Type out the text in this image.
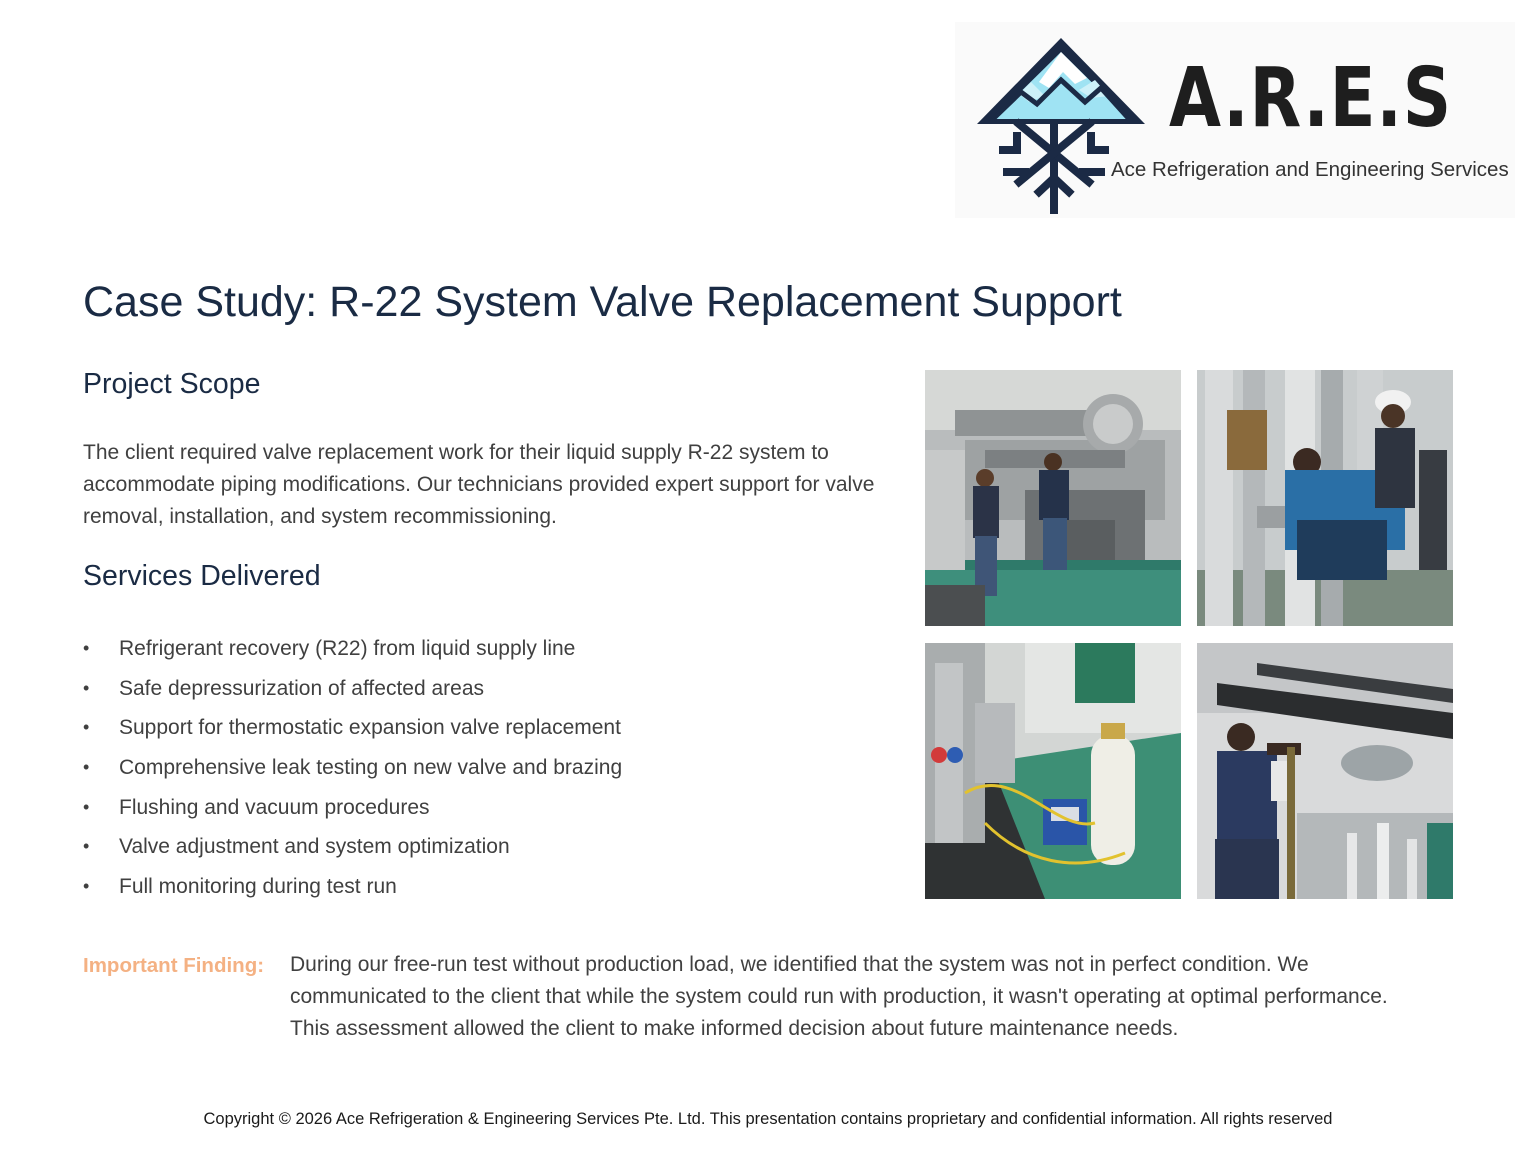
A.R.E.S
Ace Refrigeration and Engineering Services
Case Study: R-22 System Valve Replacement Support
Project Scope

The client required valve replacement work for their liquid supply R-22 system to accommodate piping modifications. Our technicians provided expert support for valve removal, installation, and system recommissioning.

Services Delivered
• Refrigerant recovery (R22) from liquid supply line
• Safe depressurization of affected areas
• Support for thermostatic expansion valve replacement
• Comprehensive leak testing on new valve and brazing
• Flushing and vacuum procedures
• Valve adjustment and system optimization
• Full monitoring during test run
Important Finding: During our free-run test without production load, we identified that the system was not in perfect condition. We communicated to the client that while the system could run with production, it wasn't operating at optimal performance. This assessment allowed the client to make informed decision about future maintenance needs.

Copyright © 2026 Ace Refrigeration & Engineering Services Pte. Ltd. This presentation contains proprietary and confidential information. All rights reserved
